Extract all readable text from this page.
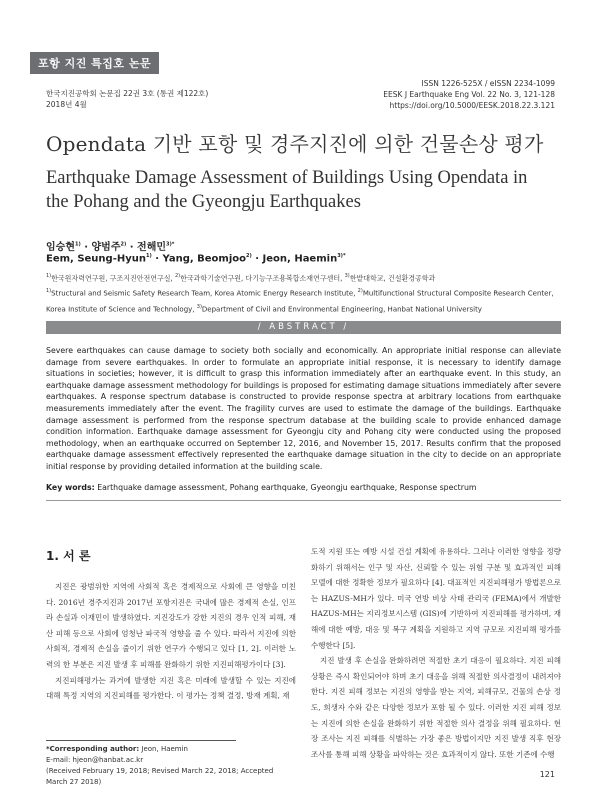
포항 지진 특집호 논문
한국지진공학회 논문집 22권 3호 (통권 제122호)
2018년 4월
ISSN 1226-525X / eISSN 2234-1099
EESK J Earthquake Eng Vol. 22 No. 3, 121-128
https://doi.org/10.5000/EESK.2018.22.3.121
Opendata 기반 포항 및 경주지진에 의한 건물손상 평가
Earthquake Damage Assessment of Buildings Using Opendata in
the Pohang and the Gyeongju Earthquakes
임승현$^{1)}$ · 양범주$^{2)}$ · 전해민$^{3)*}$
Eem, Seung-Hyun$^{1)}$ · Yang, Beomjoo$^{2)}$ · Jeon, Haemin$^{3)*}$
$^{1)}$한국원자력연구원, 구조지진안전연구실, $^{2)}$한국과학기술연구원, 다기능구조용복합소재연구센터, $^{3)}$한밭대학교, 건설환경공학과
$^{1)}$Structural and Seismic Safety Research Team, Korea Atomic Energy Research Institute, $^{2)}$Multifunctional Structural Composite Research Center, Korea Institute of Science and Technology, $^{3)}$Department of Civil and Environmental Engineering, Hanbat National University
/ ABSTRACT /
Severe earthquakes can cause damage to society both socially and economically. An appropriate initial response can alleviate damage from severe earthquakes. In order to formulate an appropriate initial response, it is necessary to identify damage situations in societies; however, it is difficult to grasp this information immediately after an earthquake event. In this study, an earthquake damage assessment methodology for buildings is proposed for estimating damage situations immediately after severe earthquakes. A response spectrum database is constructed to provide response spectra at arbitrary locations from earthquake measurements immediately after the event. The fragility curves are used to estimate the damage of the buildings. Earthquake damage assessment is performed from the response spectrum database at the building scale to provide enhanced damage condition information. Earthquake damage assessment for Gyeongju city and Pohang city were conducted using the proposed methodology, when an earthquake occurred on September 12, 2016, and November 15, 2017. Results confirm that the proposed earthquake damage assessment effectively represented the earthquake damage situation in the city to decide on an appropriate initial response by providing detailed information at the building scale.
Key words: Earthquake damage assessment, Pohang earthquake, Gyeongju earthquake, Response spectrum
1. 서 론

지진은 광범위한 지역에 사회적 혹은 경제적으로 사회에 큰 영향을 미친다. 2016년 경주지진과 2017년 포항지진은 국내에 많은 경제적 손실, 인프라 손실과 이재민이 발생하였다. 지진강도가 강한 지진의 경우 인적 피해, 재산 피해 등으로 사회에 엄청난 파국적 영향을 줄 수 있다. 따라서 지진에 의한 사회적, 경제적 손실을 줄이기 위한 연구가 수행되고 있다 [1, 2]. 이러한 노력의 한 부분은 지진 발생 후 피해를 완화하기 위한 지진피해평가이다 [3].

지진피해평가는 과거에 발생한 지진 혹은 미래에 발생할 수 있는 지진에 대해 특정 지역의 지진피해를 평가한다. 이 평가는 정책 결정, 방재 계획, 재

도적 지원 또는 예방 시설 건설 계획에 유용하다. 그러나 이러한 영향을 정량화하기 위해서는 인구 및 자산, 신뢰할 수 있는 위험 구분 및 효과적인 피해 모델에 대한 정확한 정보가 필요하다 [4]. 대표적인 지진피해평가 방법론으로는 HAZUS-MH가 있다. 미국 연방 비상 사태 관리국 (FEMA)에서 개발한 HAZUS-MH는 지리정보시스템 (GIS)에 기반하여 지진피해를 평가하며, 재해에 대한 예방, 대응 및 복구 계획을 지원하고 지역 규모로 지진피해 평가를 수행한다 [5].

지진 발생 후 손실을 완화하려면 적절한 초기 대응이 필요하다. 지진 피해 상황은 즉시 확인되어야 하며 초기 대응을 위해 적절한 의사결정이 내려져야 한다. 지진 피해 정보는 지진의 영향을 받는 지역, 피해규모, 건물의 손상 정도, 희생자 수와 같은 다양한 정보가 포함 될 수 있다. 이러한 지진 피해 정보는 지진에 의한 손실을 완화하기 위한 적절한 의사 결정을 위해 필요하다. 현장 조사는 지진 피해를 식별하는 가장 좋은 방법이지만 지진 발생 직후 현장 조사를 통해 피해 상황을 파악하는 것은 효과적이지 않다. 또한 기존에 수행

*Corresponding author: Jeon, Haemin
E-mail: hjeon@hanbat.ac.kr
(Received February 19, 2018; Revised March 22, 2018; Accepted March 27 2018)
121
